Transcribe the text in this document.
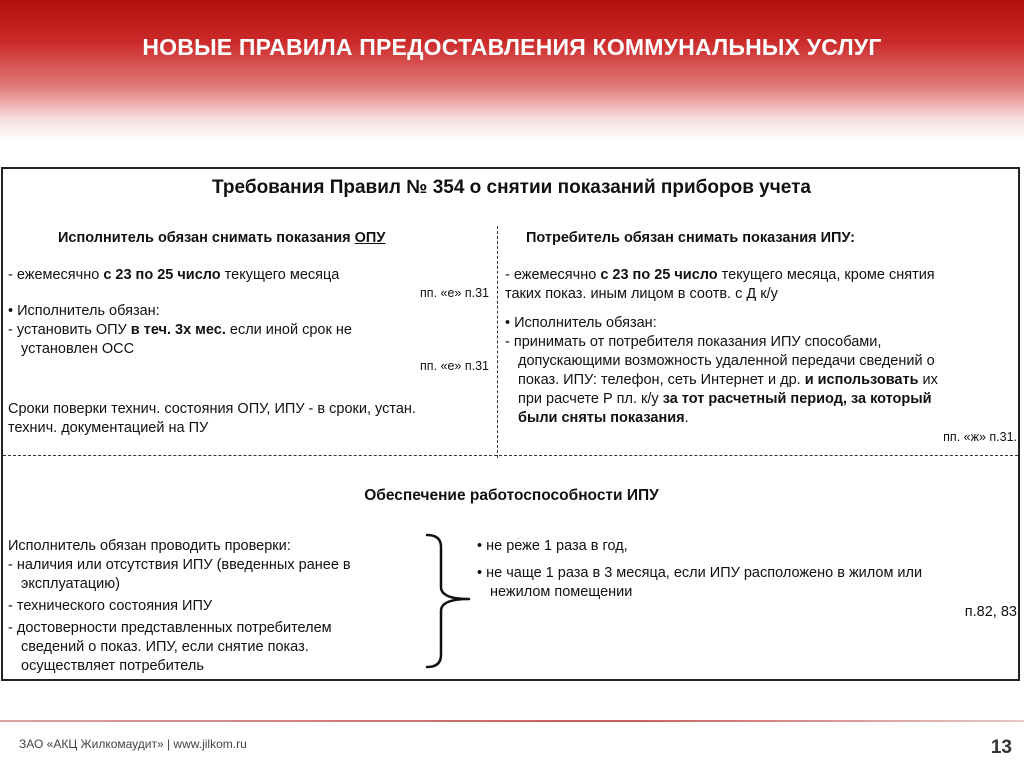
НОВЫЕ ПРАВИЛА ПРЕДОСТАВЛЕНИЯ КОММУНАЛЬНЫХ УСЛУГ
Требования Правил № 354 о снятии показаний приборов учета
Исполнитель обязан снимать показания ОПУ	Потребитель обязан снимать показания ИПУ:
- ежемесячно с 23 по 25 число текущего месяца
пп. «е» п.31

• Исполнитель обязан:

- установить ОПУ в теч. 3х мес. если иной срок не

установлен ОСС

пп. «е» п.31

Сроки поверки технич. состояния ОПУ, ИПУ - в сроки, устан.

технич. документацией на ПУ

- ежемесячно с 23 по 25 число текущего месяца, кроме снятия

таких показ. иным лицом в соотв. с Д к/у

• Исполнитель обязан:

- принимать от потребителя показания ИПУ способами,

допускающими возможность удаленной передачи сведений о

показ. ИПУ: телефон, сеть Интернет и др. и использовать их

при расчете Р пл. к/у за тот расчетный период, за который

были сняты показания.

пп. «ж» п.31.
Обеспечение работоспособности ИПУ

Исполнитель обязан проводить проверки:

- наличия или отсутствия ИПУ (введенных ранее в

эксплуатацию)

- технического состояния ИПУ

- достоверности представленных потребителем

сведений о показ. ИПУ, если снятие показ.

осуществляет потребитель

• не реже 1 раза в год,

• не чаще 1 раза в 3 месяца, если ИПУ расположено в жилом или

нежилом помещении

п.82, 83
ЗАО «АКЦ Жилкомаудит» | www.jilkom.ru	13
